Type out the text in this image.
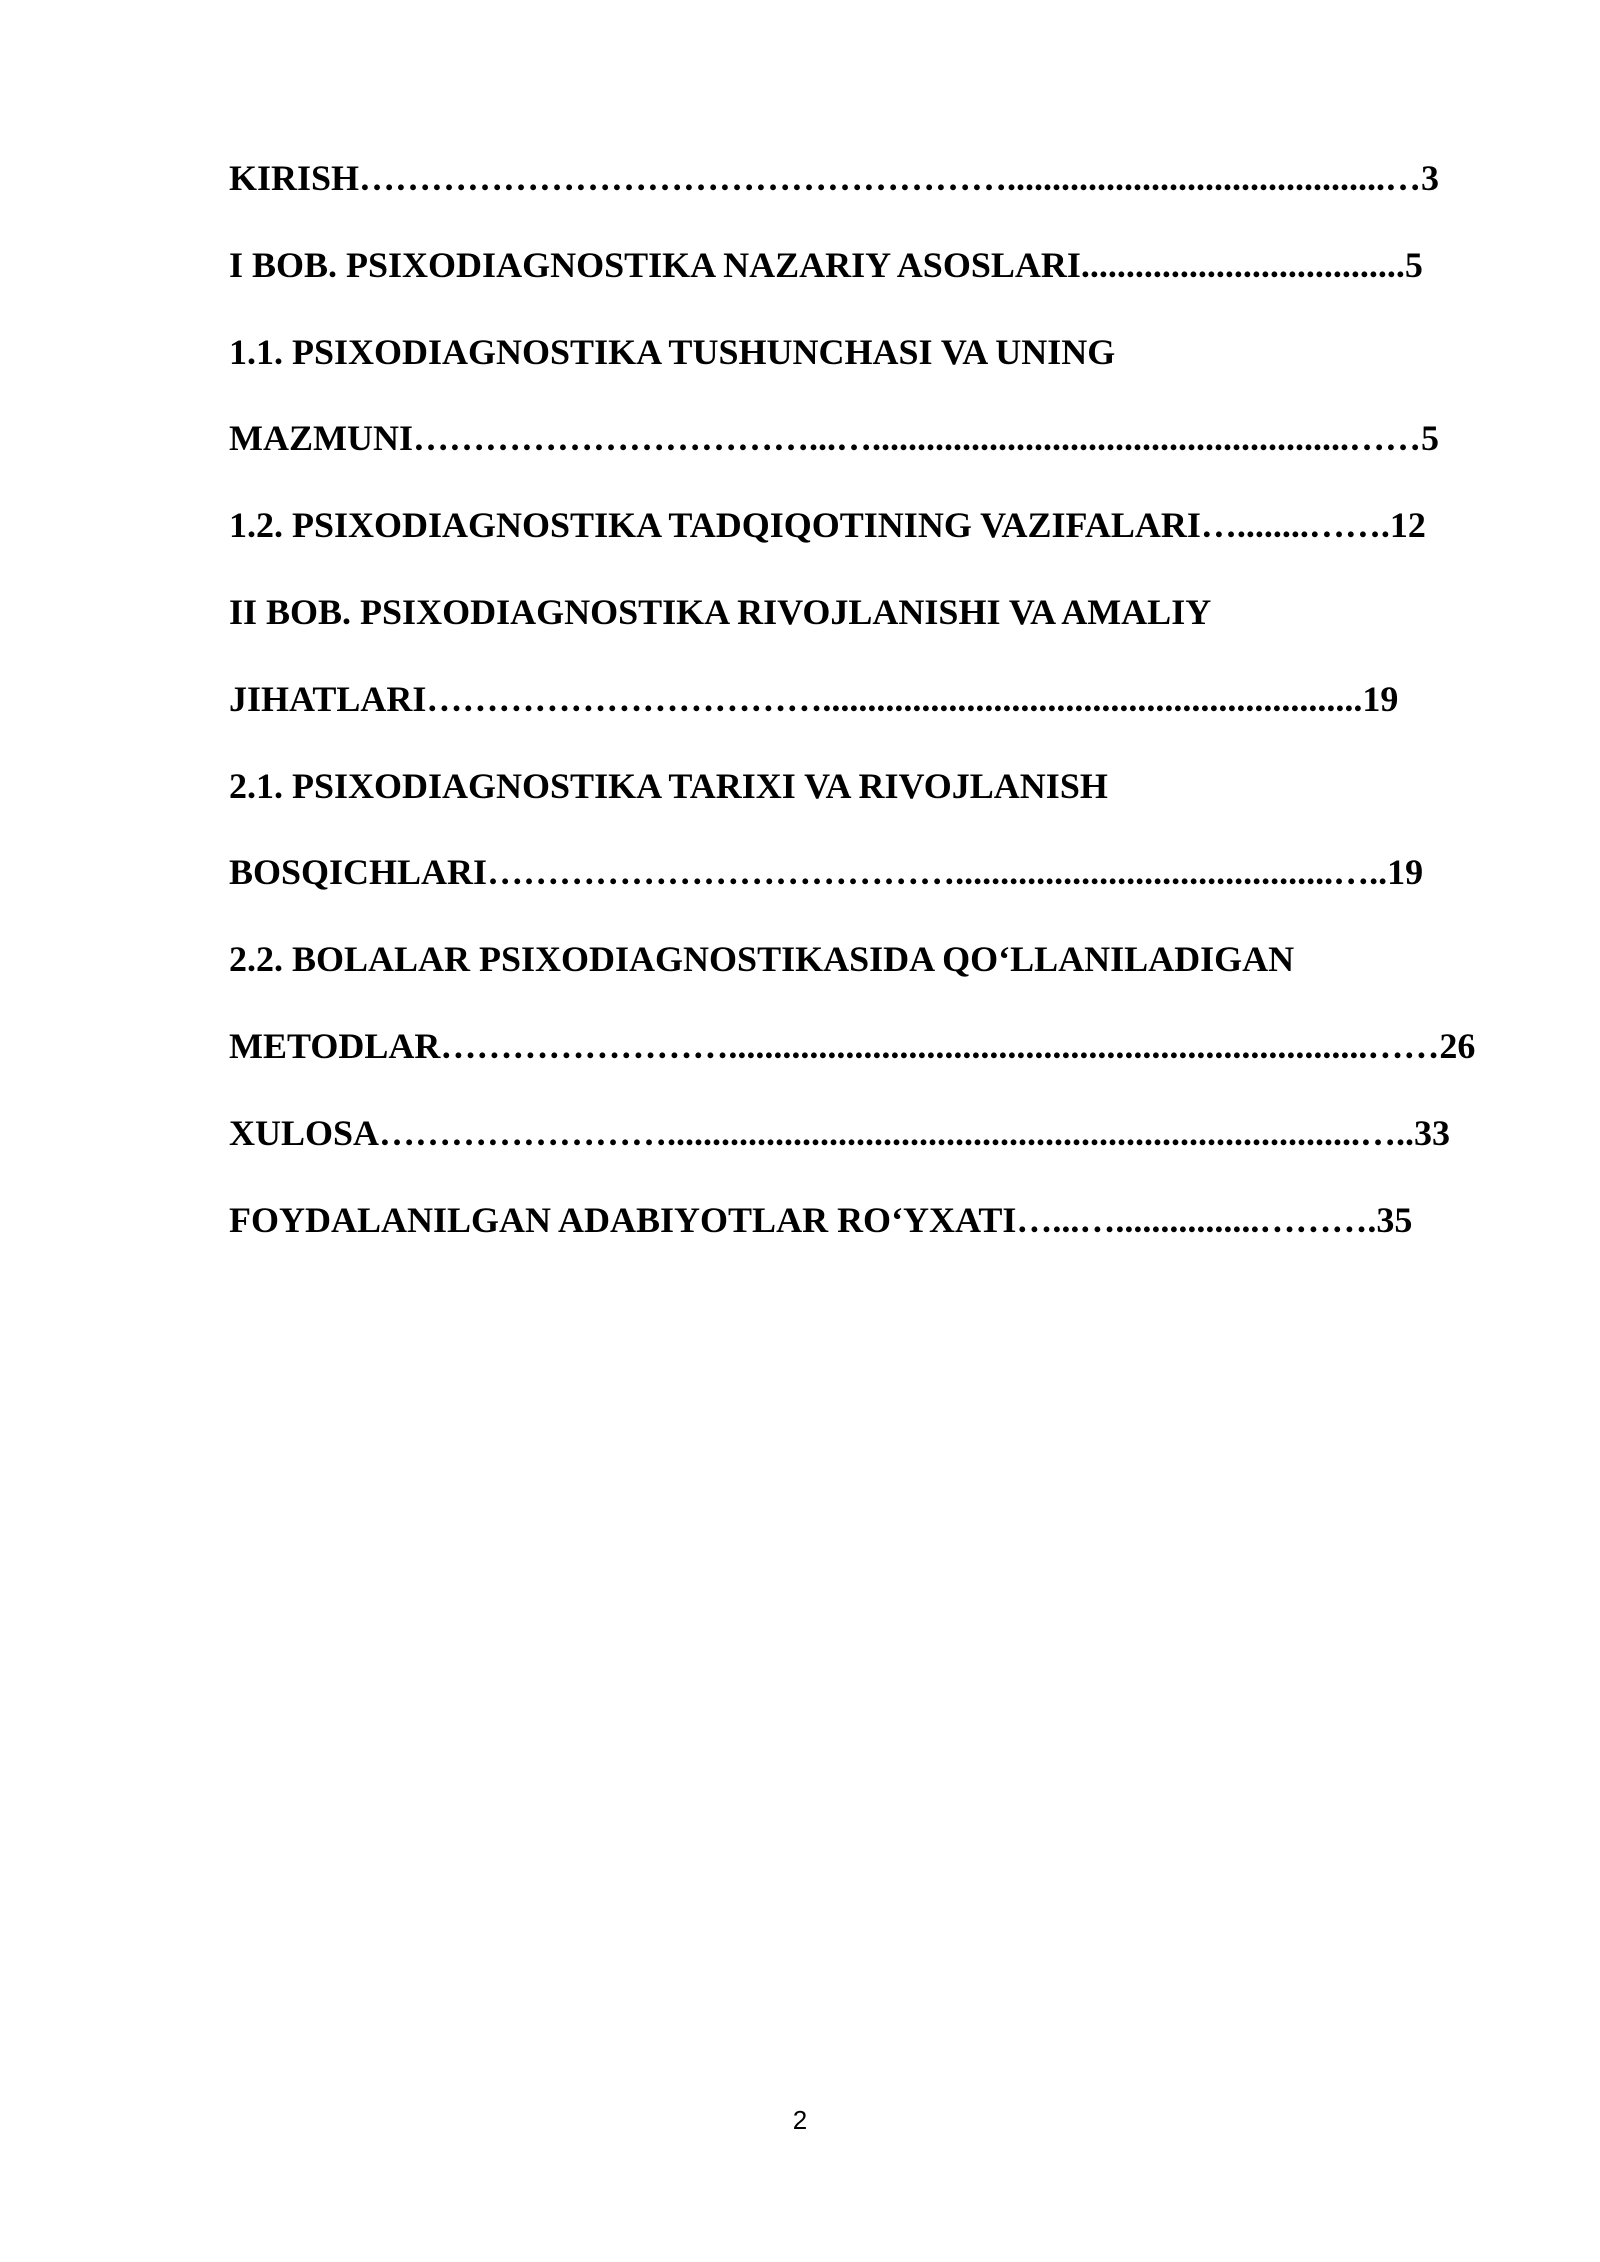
KIRISH………………………………………………..........................................…3
I BOB. PSIXODIAGNOSTIKA NAZARIY ASOSLARI....................................5
1.1. PSIXODIAGNOSTIKA TUSHUNCHASI VA UNING
MAZMUNI……………………………...….....................................................……5
1.2. PSIXODIAGNOSTIKA TADQIQOTINING VAZIFALARI…........…….12
II BOB. PSIXODIAGNOSTIKA RIVOJLANISHI VA AMALIY
JIHATLARI……………………………............................................................19
2.1. PSIXODIAGNOSTIKA TARIXI VA RIVOJLANISH
BOSQICHLARI…………………………………..........................................…..19
2.2. BOLALAR PSIXODIAGNOSTIKASIDA QO‘LLANILADIGAN
METODLAR…………………….......................................................................……26
XULOSA…………………….............................................................................…..33
FOYDALANILGAN ADABIYOTLAR RO‘YXATI…...…................……….35
2
